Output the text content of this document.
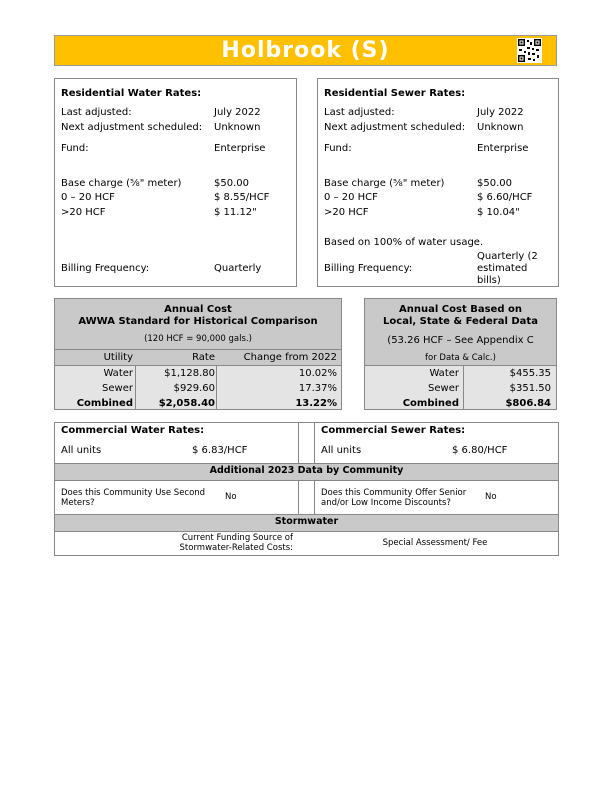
Holbrook (S)
Residential Water Rates:
Last adjusted:	July 2022
Next adjustment scheduled: Unknown
Fund:	Enterprise
Base charge (⅝" meter)	$50.00
0 – 20 HCF	$ 8.55/HCF
>20 HCF	$ 11.12"
Billing Frequency:	Quarterly
Residential Sewer Rates:
Last adjusted:	July 2022
Next adjustment scheduled: Unknown
Fund:	Enterprise
Base charge (⅝" meter)	$50.00
0 – 20 HCF	$ 6.60/HCF
>20 HCF	$ 10.04"
Based on 100% of water usage.
Billing Frequency:
Quarterly (2
estimated
bills)
Annual Cost
AWWA Standard for Historical Comparison
(120 HCF = 90,000 gals.)
Utility	Rate	Change from 2022
Water	$1,128.80	10.02%
Sewer	$929.60	17.37%
Combined	$2,058.40	13.22%
Annual Cost Based on
Local, State & Federal Data
(53.26 HCF – See Appendix C
for Data & Calc.)
Water	$455.35
Sewer	$351.50
Combined	$806.84
Commercial Water Rates:
All units	$ 6.83/HCF
Commercial Sewer Rates:
All units	$ 6.80/HCF
Additional 2023 Data by Community
Does this Community Use Second
Meters?
No	Does this Community Offer Senior
and/or Low Income Discounts?
No
Stormwater
Current Funding Source of
Stormwater-Related Costs:	Special Assessment/ Fee
